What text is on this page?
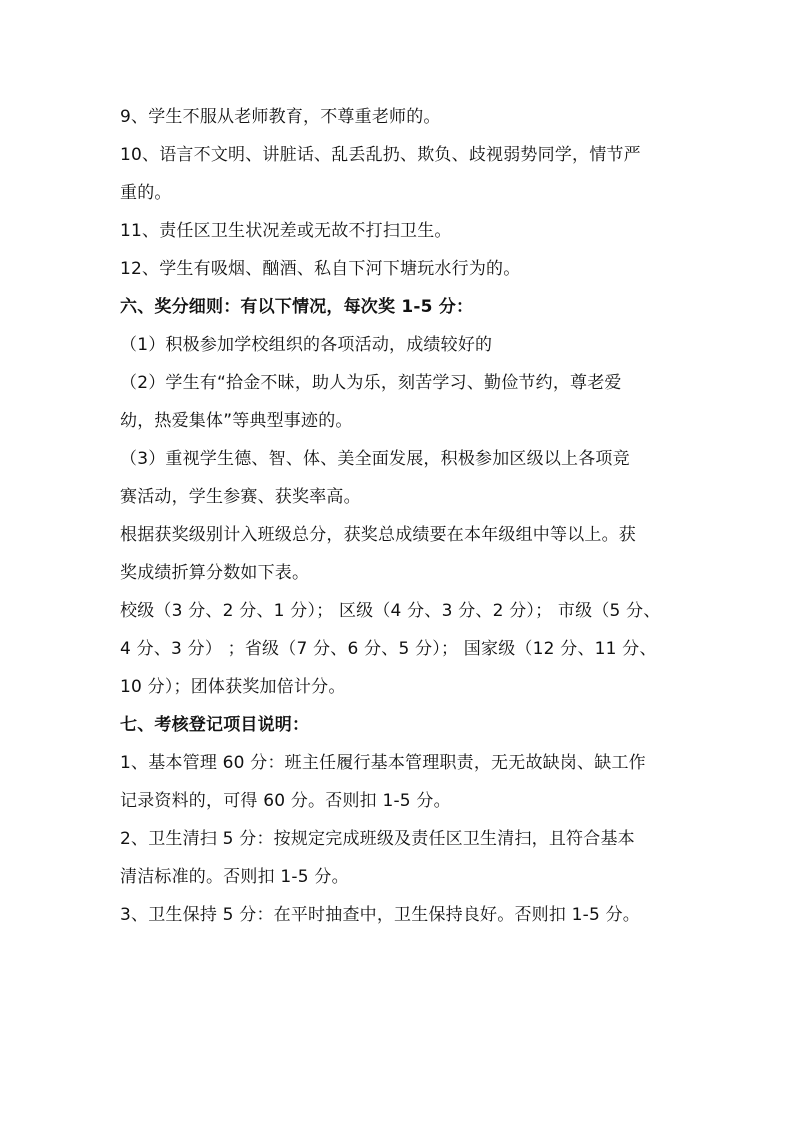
9、学生不服从老师教育，不尊重老师的。
10、语言不文明、讲脏话、乱丢乱扔、欺负、歧视弱势同学，情节严
重的。
11、责任区卫生状况差或无故不打扫卫生。
12、学生有吸烟、酗酒、私自下河下塘玩水行为的。
六、奖分细则：有以下情况，每次奖 1-5 分：
（1）积极参加学校组织的各项活动，成绩较好的
（2）学生有“拾金不昧，助人为乐，刻苦学习、勤俭节约，尊老爱
幼，热爱集体”等典型事迹的。
（3）重视学生德、智、体、美全面发展，积极参加区级以上各项竞
赛活动，学生参赛、获奖率高。
根据获奖级别计入班级总分，获奖总成绩要在本年级组中等以上。获
奖成绩折算分数如下表。
校级（3 分、2 分、1 分）； 区级（4 分、3 分、2 分）； 市级（5 分、
4 分、3 分） ；省级（7 分、6 分、5 分）； 国家级（12 分、11 分、
10 分）；团体获奖加倍计分。
七、考核登记项目说明：
1、基本管理 60 分：班主任履行基本管理职责，无无故缺岗、缺工作
记录资料的，可得 60 分。否则扣 1-5 分。
2、卫生清扫 5 分：按规定完成班级及责任区卫生清扫，且符合基本
清洁标准的。否则扣 1-5 分。
3、卫生保持 5 分：在平时抽查中，卫生保持良好。否则扣 1-5 分。
